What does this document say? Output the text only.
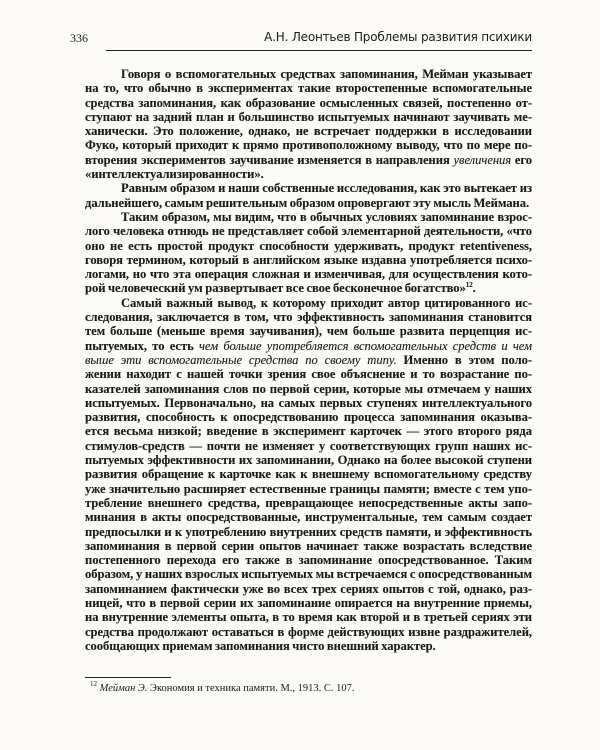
336	А.Н. Леонтьев Проблемы развития психики
Говоря о вспомогательных средствах запоминания, Мейман указывает
на то, что обычно в экспериментах такие второстепенные вспомогательные
средства запоминания, как образование осмысленных связей, постепенно от-
ступают на задний план и большинство испытуемых начинают заучивать ме-
ханически. Это положение, однако, не встречает поддержки в исследовании
Фуко, который приходит к прямо противоположному выводу, что по мере по-
вторения экспериментов заучивание изменяется в направления увеличения его
«интеллектуализированности».
Равным образом и наши собственные исследования, как это вытекает из
дальнейшего, самым решительным образом опровергают эту мысль Меймана.
Таким образом, мы видим, что в обычных условиях запоминание взрос-
лого человека отнюдь не представляет собой элементарной деятельности, «что
оно не есть простой продукт способности удерживать, продукт retentiveness,
говоря термином, который в английском языке издавна употребляется психо-
логами, но что эта операция сложная и изменчивая, для осуществления кото-
рой человеческий ум развертывает все свое бесконечное богатство»$^{12}$.
Самый важный вывод, к которому приходит автор цитированного ис-
следования, заключается в том, что эффективность запоминания становится
тем больше (меньше время заучивания), чем больше развита перцепция ис-
пытуемых, то есть чем больше употребляется вспомогательных средств и чем
выше эти вспомогательные средства по своему типу. Именно в этом поло-
жении находит с нашей точки зрения свое объяснение и то возрастание по-
казателей запоминания слов по первой серии, которые мы отмечаем у наших
испытуемых. Первоначально, на самых первых ступенях интеллектуального
развития, способность к опосредствованию процесса запоминания оказыва-
ется весьма низкой; введение в эксперимент карточек — этого второго ряда
стимулов-средств — почти не изменяет у соответствующих групп наших ис-
пытуемых эффективности их запоминании, Однако на более высокой ступени
развития обращение к карточке как к внешнему вспомогательному средству
уже значительно расширяет естественные границы памяти; вместе с тем упо-
требление внешнего средства, превращающее непосредственные акты запо-
минания в акты опосредствованные, инструментальные, тем самым создает
предпосылки и к употреблению внутренних средств памяти, и эффективность
запоминания в первой серии опытов начинает также возрастать вследствие
постепенного перехода его также в запоминание опосредствованное. Таким
образом, у наших взрослых испытуемых мы встречаемся с опосредствованным
запоминанием фактически уже во всех трех сериях опытов с той, однако, раз-
ницей, что в первой серии их запоминание опирается на внутренние приемы,
на внутренние элементы опыта, в то время как второй и в третьей сериях эти
средства продолжают оставаться в форме действующих извне раздражителей,
сообщающих приемам запоминания чисто внешний характер.
$^{12}$ Мейман Э. Экономия и техника памяти. М., 1913. С. 107.
